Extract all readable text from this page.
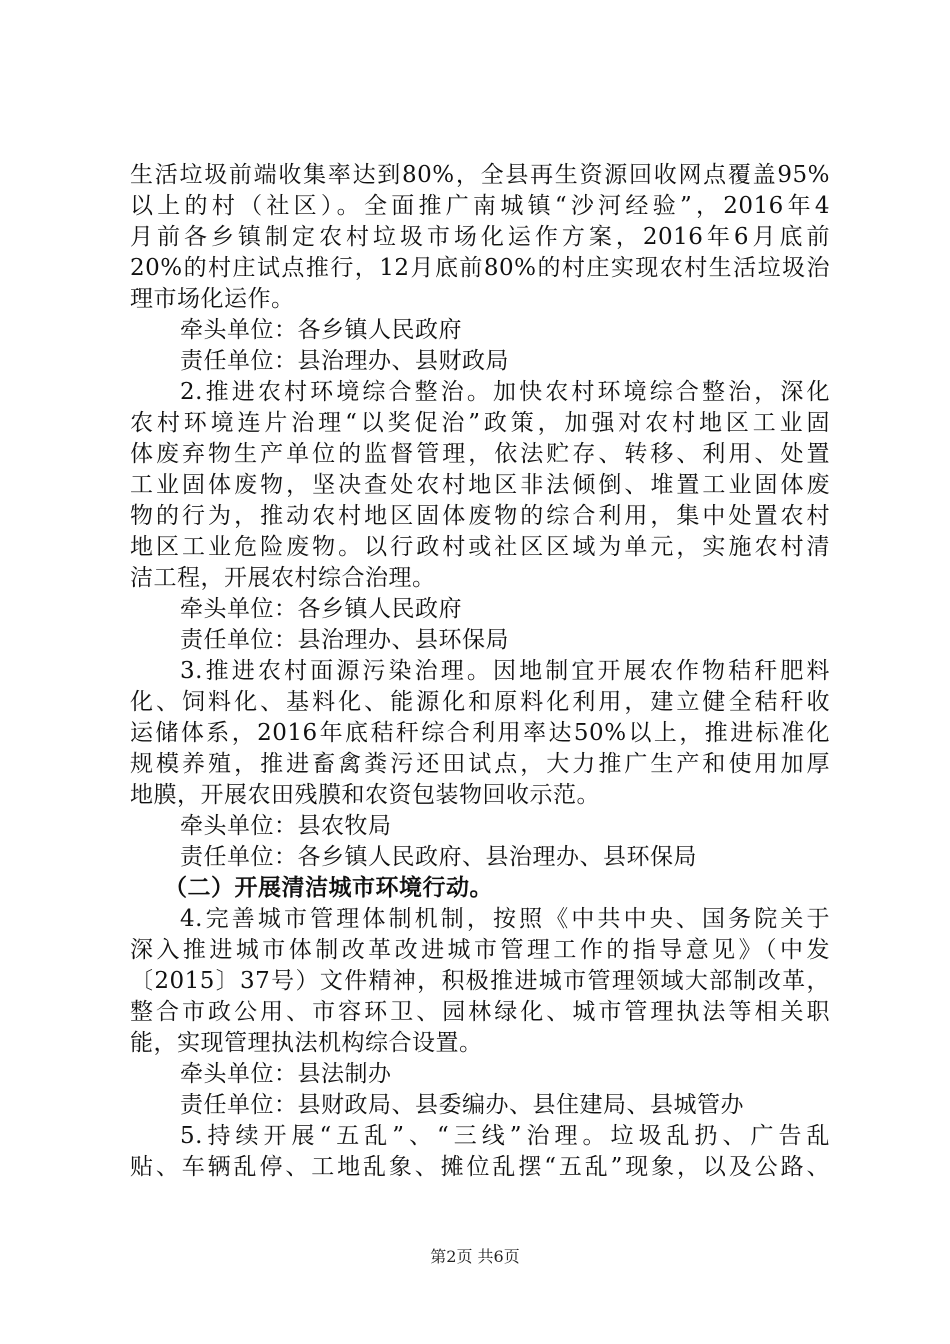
生活垃圾前端收集率达到80%，全县再生资源回收网点覆盖95%
以上的村（社区）。全面推广南城镇“沙河经验”，2016年4
月前各乡镇制定农村垃圾市场化运作方案，2016年6月底前
20%的村庄试点推行，12月底前80%的村庄实现农村生活垃圾治
理市场化运作。
牵头单位：各乡镇人民政府
责任单位：县治理办、县财政局
2.推进农村环境综合整治。加快农村环境综合整治，深化
农村环境连片治理“以奖促治”政策，加强对农村地区工业固
体废弃物生产单位的监督管理，依法贮存、转移、利用、处置
工业固体废物，坚决查处农村地区非法倾倒、堆置工业固体废
物的行为，推动农村地区固体废物的综合利用，集中处置农村
地区工业危险废物。以行政村或社区区域为单元，实施农村清
洁工程，开展农村综合治理。
牵头单位：各乡镇人民政府
责任单位：县治理办、县环保局
3.推进农村面源污染治理。因地制宜开展农作物秸秆肥料
化、饲料化、基料化、能源化和原料化利用，建立健全秸秆收
运储体系，2016年底秸秆综合利用率达50%以上，推进标准化
规模养殖，推进畜禽粪污还田试点，大力推广生产和使用加厚
地膜，开展农田残膜和农资包装物回收示范。
牵头单位：县农牧局
责任单位：各乡镇人民政府、县治理办、县环保局
（二）开展清洁城市环境行动。
4.完善城市管理体制机制，按照《中共中央、国务院关于
深入推进城市体制改革改进城市管理工作的指导意见》（中发
〔2015〕37号）文件精神，积极推进城市管理领域大部制改革，
整合市政公用、市容环卫、园林绿化、城市管理执法等相关职
能，实现管理执法机构综合设置。
牵头单位：县法制办
责任单位：县财政局、县委编办、县住建局、县城管办
5.持续开展“五乱”、“三线”治理。垃圾乱扔、广告乱
贴、车辆乱停、工地乱象、摊位乱摆“五乱”现象，以及公路、
第2页 共6页
